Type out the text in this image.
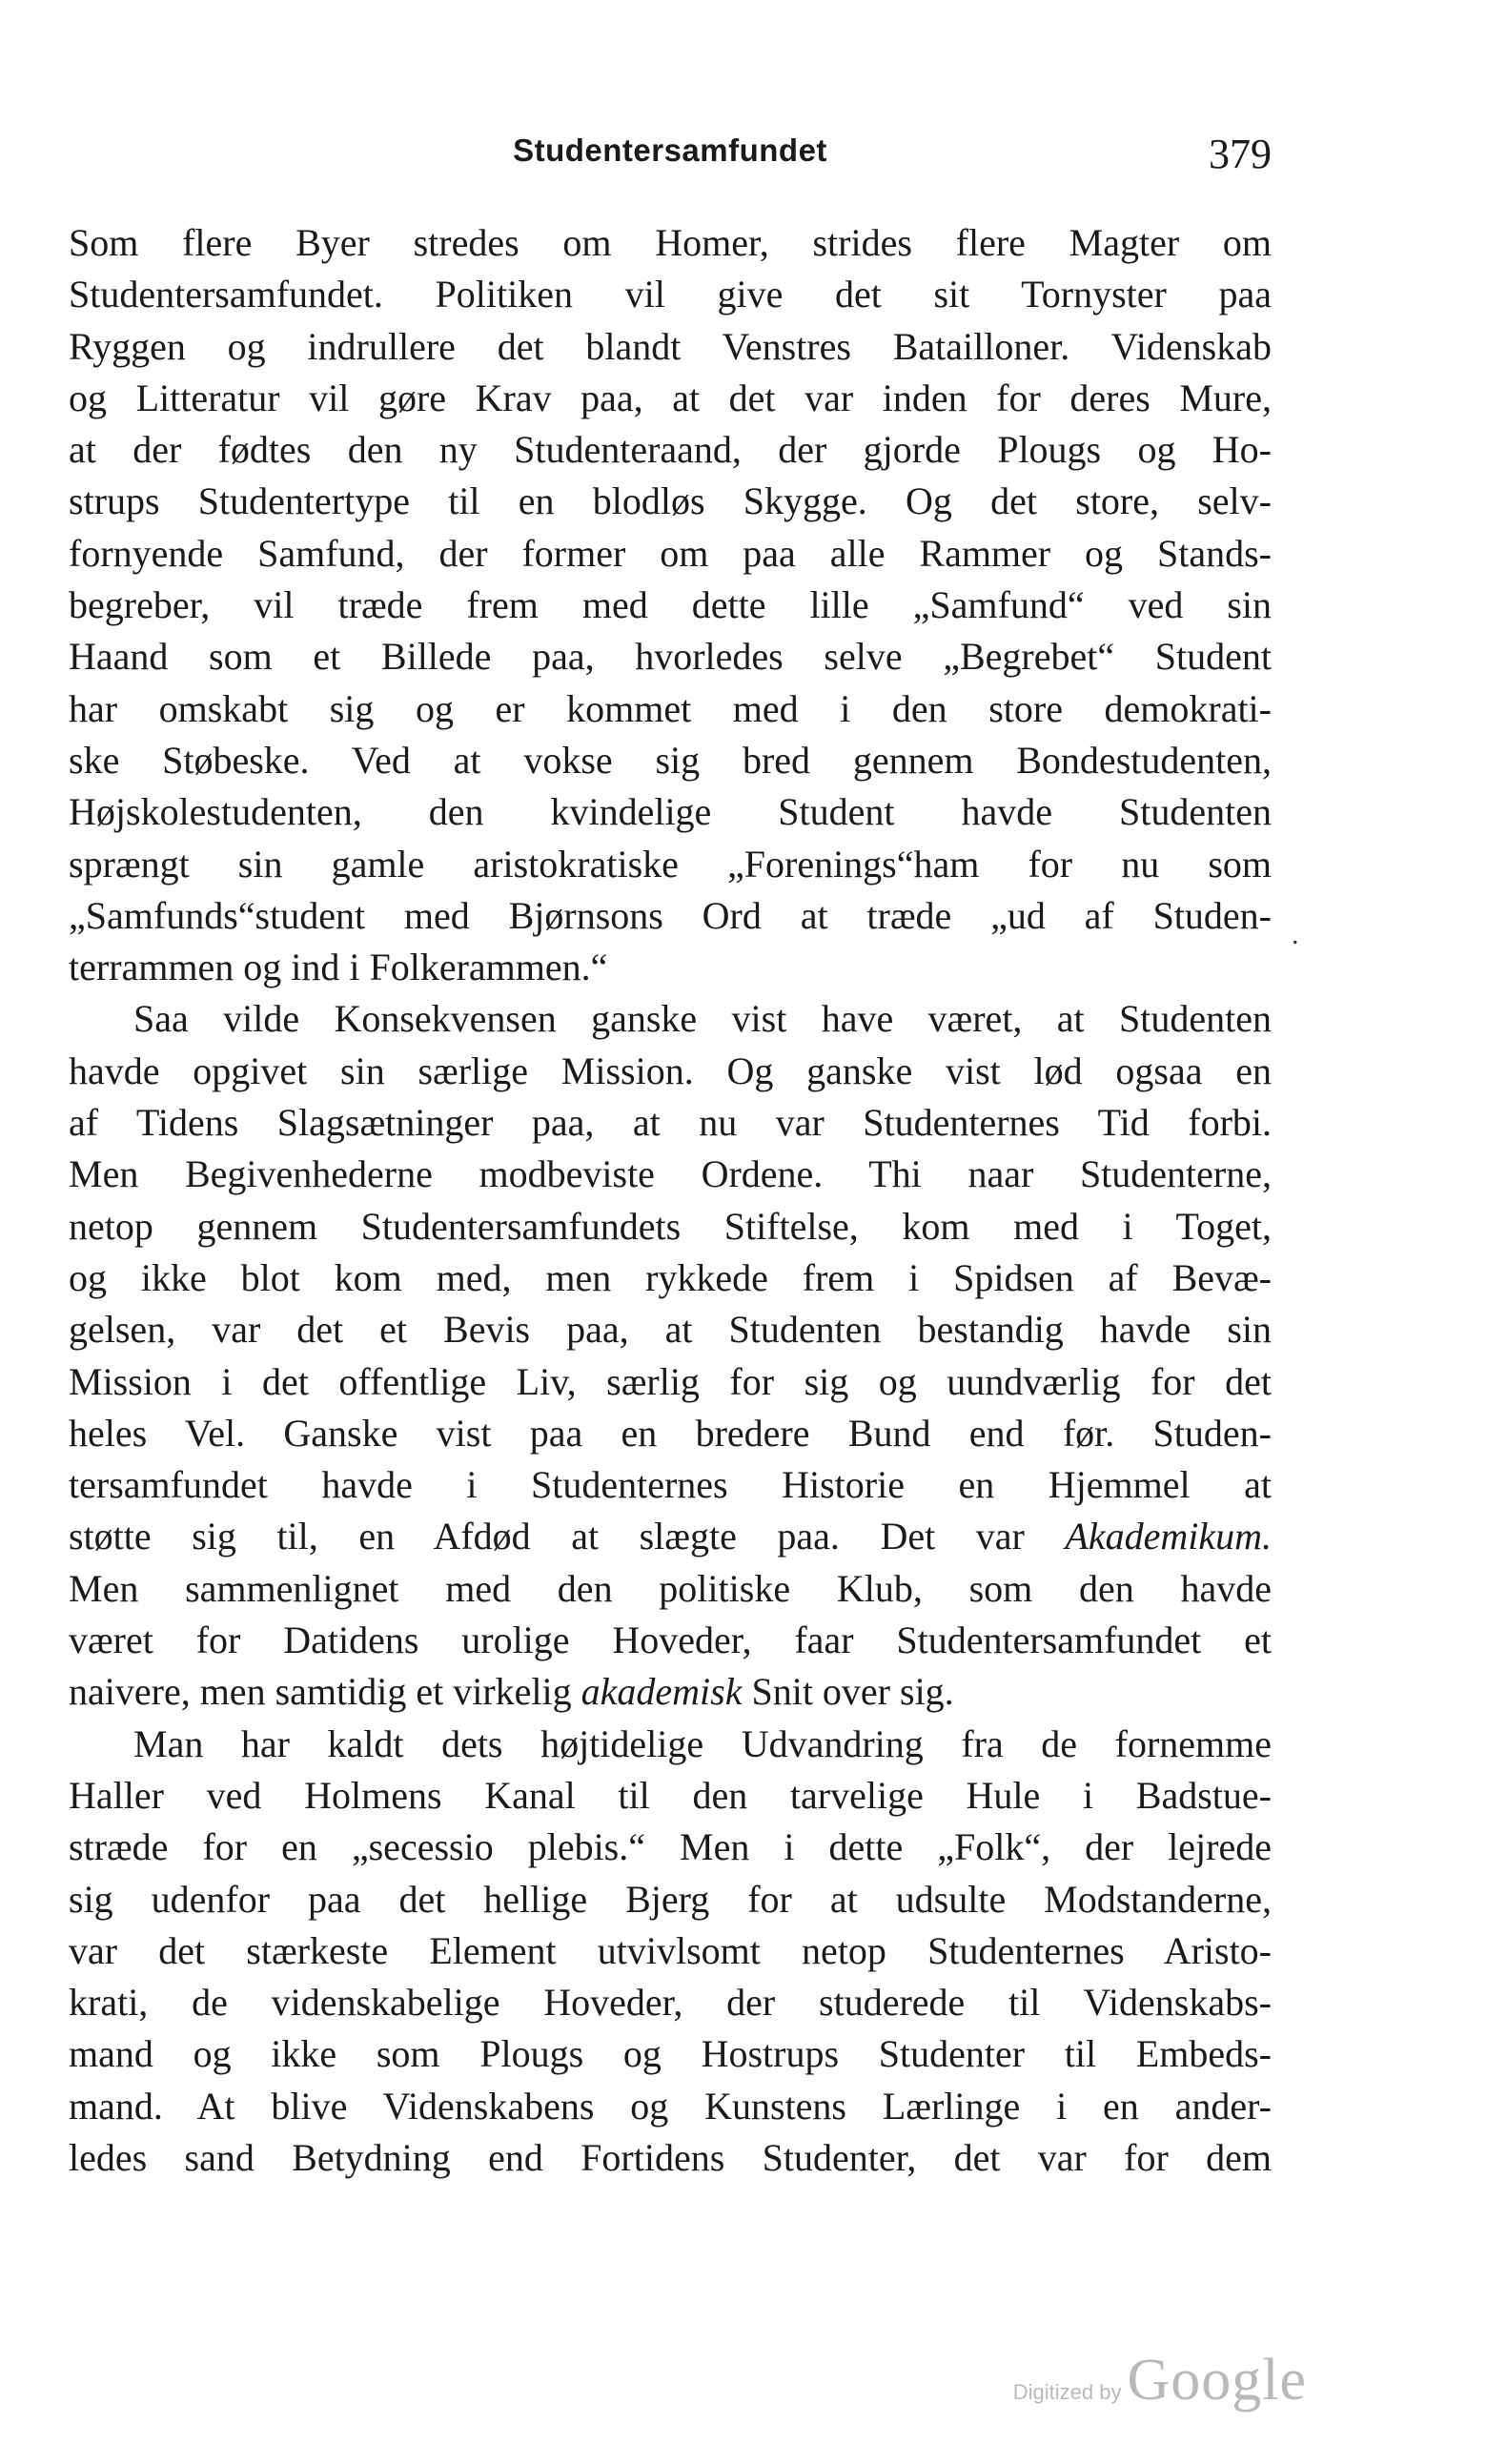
Studentersamfundet	379
Som flere Byer stredes om Homer, strides flere Magter om
Studentersamfundet. Politiken vil give det sit Tornyster paa
Ryggen og indrullere det blandt Venstres Batailloner. Videnskab
og Litteratur vil gøre Krav paa, at det var inden for deres Mure,
at der fødtes den ny Studenteraand, der gjorde Plougs og Ho-
strups Studentertype til en blodløs Skygge. Og det store, selv-
fornyende Samfund, der former om paa alle Rammer og Stands-
begreber, vil træde frem med dette lille „Samfund“ ved sin
Haand som et Billede paa, hvorledes selve „Begrebet“ Student
har omskabt sig og er kommet med i den store demokrati-
ske Støbeske. Ved at vokse sig bred gennem Bondestudenten,
Højskolestudenten, den kvindelige Student havde Studenten
sprængt sin gamle aristokratiske „Forenings“ham for nu som
„Samfunds“student med Bjørnsons Ord at træde „ud af Studen-
terrammen og ind i Folkerammen.“
Saa vilde Konsekvensen ganske vist have været, at Studenten
havde opgivet sin særlige Mission. Og ganske vist lød ogsaa en
af Tidens Slagsætninger paa, at nu var Studenternes Tid forbi.
Men Begivenhederne modbeviste Ordene. Thi naar Studenterne,
netop gennem Studentersamfundets Stiftelse, kom med i Toget,
og ikke blot kom med, men rykkede frem i Spidsen af Bevæ-
gelsen, var det et Bevis paa, at Studenten bestandig havde sin
Mission i det offentlige Liv, særlig for sig og uundværlig for det
heles Vel. Ganske vist paa en bredere Bund end før. Studen-
tersamfundet havde i Studenternes Historie en Hjemmel at
støtte sig til, en Afdød at slægte paa. Det var Akademikum.
Men sammenlignet med den politiske Klub, som den havde
været for Datidens urolige Hoveder, faar Studentersamfundet et
naivere, men samtidig et virkelig akademisk Snit over sig.
Man har kaldt dets højtidelige Udvandring fra de fornemme
Haller ved Holmens Kanal til den tarvelige Hule i Badstue-
stræde for en „secessio plebis.“ Men i dette „Folk“, der lejrede
sig udenfor paa det hellige Bjerg for at udsulte Modstanderne,
var det stærkeste Element utvivlsomt netop Studenternes Aristo-
krati, de videnskabelige Hoveder, der studerede til Videnskabs-
mand og ikke som Plougs og Hostrups Studenter til Embeds-
mand. At blive Videnskabens og Kunstens Lærlinge i en ander-
ledes sand Betydning end Fortidens Studenter, det var for dem
.
Digitized byGoogle
